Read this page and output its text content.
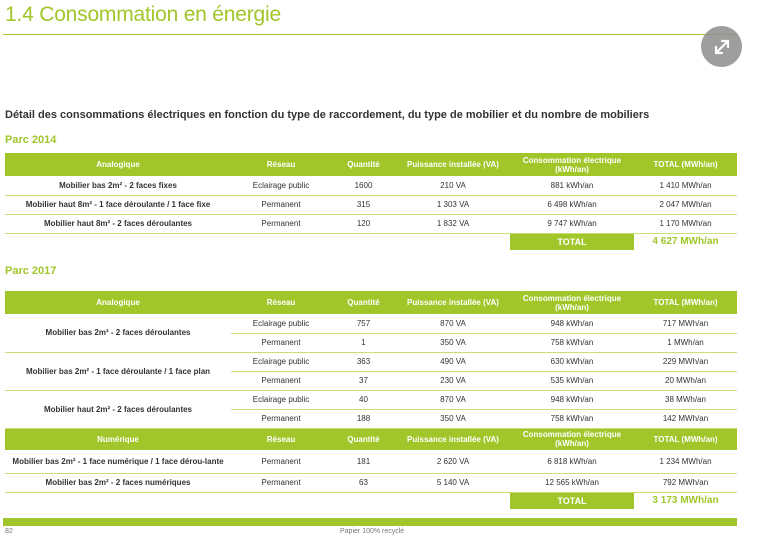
1.4 Consommation en énergie
Détail des consommations électriques en fonction du type de raccordement, du type de mobilier et du nombre de mobiliers
Parc 2014
Analogique	Réseau	Quantité	Puissance installée (VA)	Consommation électrique (kWh/an)	TOTAL (MWh/an)
Mobilier bas 2m² - 2 faces fixes	Eclairage public	1600	210 VA	881 kWh/an	1 410 MWh/an
Mobilier haut 8m² - 1 face déroulante / 1 face fixe	Permanent	315	1 303 VA	6 498 kWh/an	2 047 MWh/an
Mobilier haut 8m² - 2 faces déroulantes	Permanent	120	1 832 VA	9 747 kWh/an	1 170 MWh/an
				TOTAL	4 627 MWh/an
Parc 2017
Analogique	Réseau	Quantité	Puissance installée (VA)	Consommation électrique (kWh/an)	TOTAL (MWh/an)
Mobilier bas 2m² - 2 faces déroulantes	Eclairage public	757	870 VA	948 kWh/an	717 MWh/an
	Permanent	1	350 VA	758 kWh/an	1 MWh/an
Mobilier bas 2m² - 1 face déroulante / 1 face plan	Eclairage public	363	490 VA	630 kWh/an	229 MWh/an
	Permanent	37	230 VA	535 kWh/an	20 MWh/an
Mobilier haut 2m² - 2 faces déroulantes	Eclairage public	40	870 VA	948 kWh/an	38 MWh/an
	Permanent	188	350 VA	758 kWh/an	142 MWh/an
Numérique	Réseau	Quantité	Puissance installée (VA)	Consommation électrique (kWh/an)	TOTAL (MWh/an)
Mobilier bas 2m² - 1 face numérique / 1 face dérou-lante	Permanent	181	2 620 VA	6 818 kWh/an	1 234 MWh/an
Mobilier bas 2m² - 2 faces numériques	Permanent	63	5 140 VA	12 565 kWh/an	792 MWh/an
				TOTAL	3 173 MWh/an
82	Papier 100% recyclé
